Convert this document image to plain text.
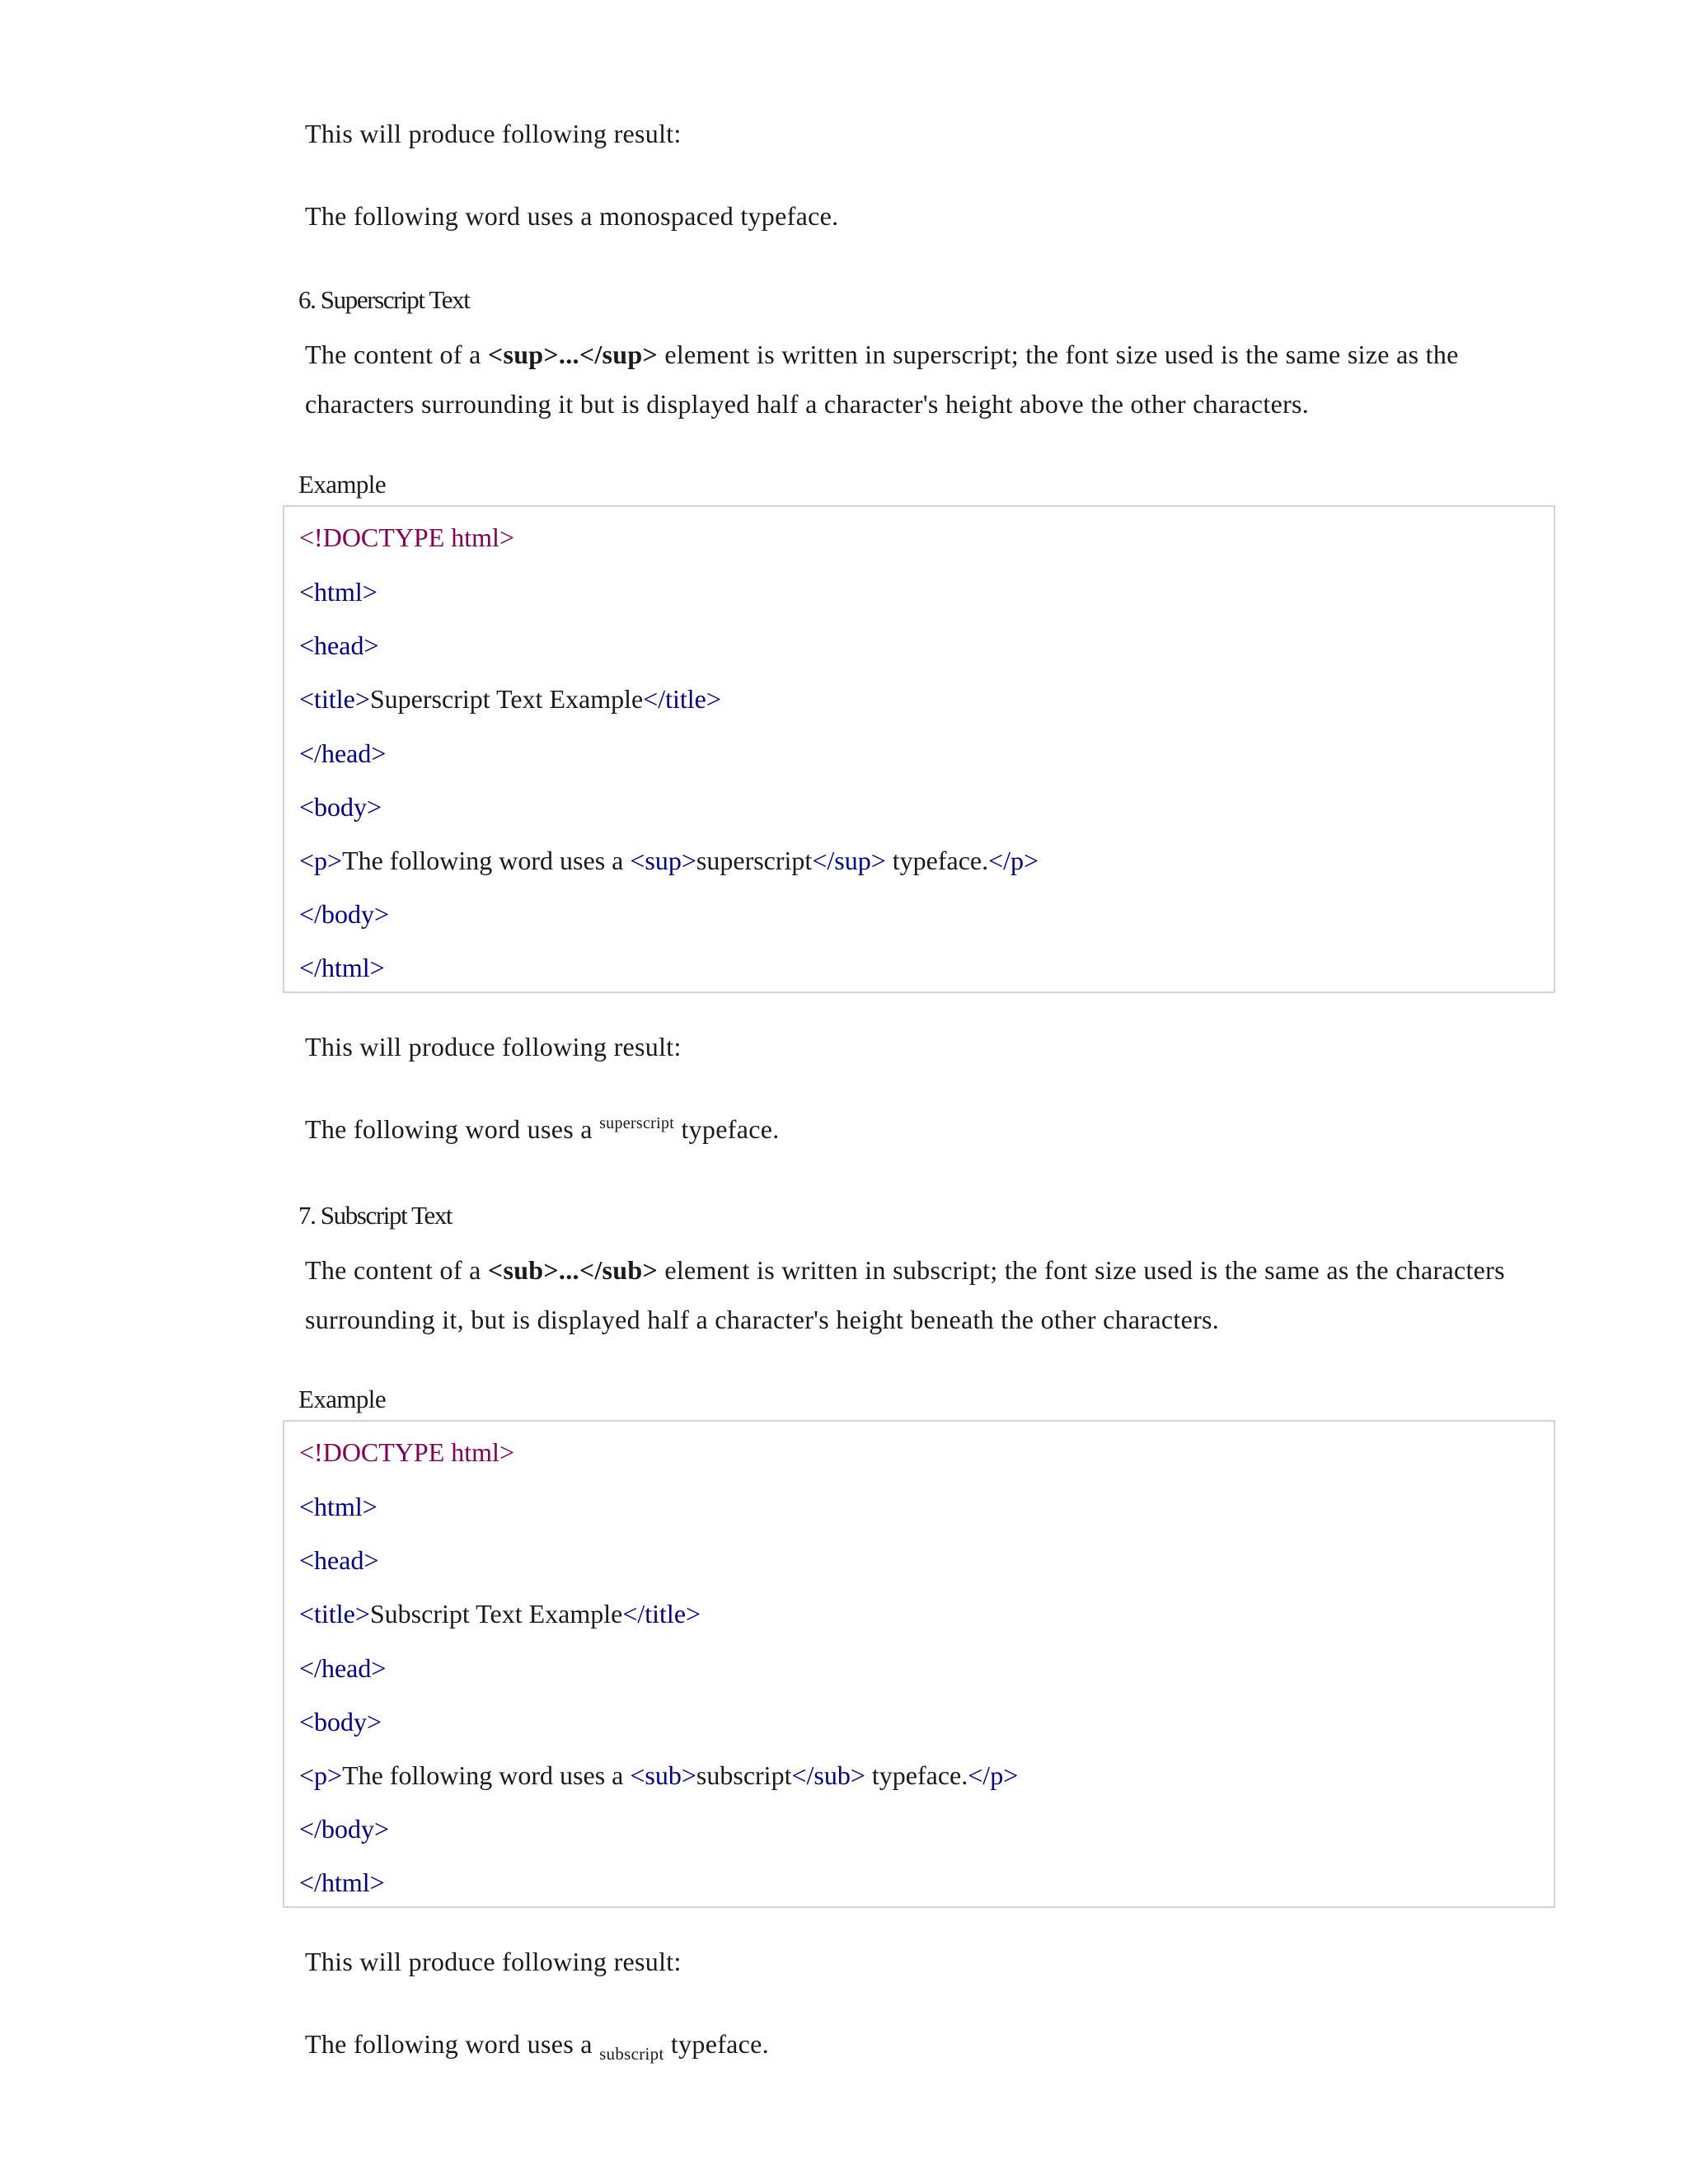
This will produce following result:

The following word uses a monospaced typeface.

6. Superscript Text

The content of a <sup>...</sup> element is written in superscript; the font size used is the same size as the

characters surrounding it but is displayed half a character's height above the other characters.

Example

<!DOCTYPE html>
<html>
<head>
<title>Superscript Text Example</title>
</head>
<body>
<p>The following word uses a <sup>superscript</sup> typeface.</p>
</body>
</html>

This will produce following result:

The following word uses a $^{superscript}$ typeface.

7. Subscript Text

The content of a <sub>...</sub> element is written in subscript; the font size used is the same as the characters

surrounding it, but is displayed half a character's height beneath the other characters.

Example

<!DOCTYPE html>
<html>
<head>
<title>Subscript Text Example</title>
</head>
<body>
<p>The following word uses a <sub>subscript</sub> typeface.</p>
</body>
</html>

This will produce following result:

The following word uses a $_{subscript}$ typeface.
